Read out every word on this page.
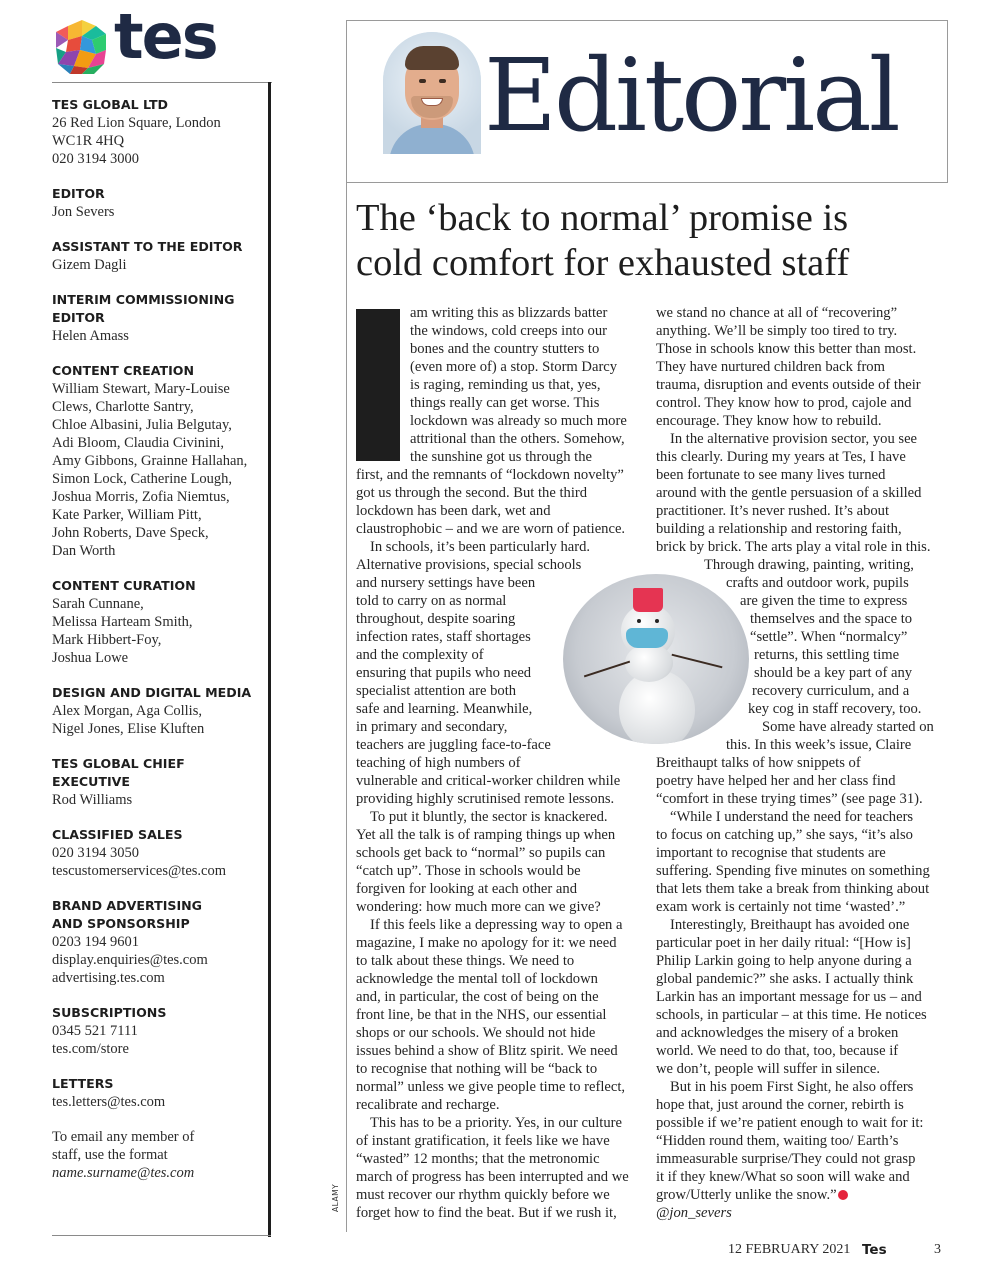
tes
TES GLOBAL LTD
26 Red Lion Square, London
WC1R 4HQ
020 3194 3000
EDITOR
Jon Severs
ASSISTANT TO THE EDITOR
Gizem Dagli
INTERIM COMMISSIONING
EDITOR
Helen Amass
CONTENT CREATION
William Stewart, Mary-Louise
Clews, Charlotte Santry,
Chloe Albasini, Julia Belgutay,
Adi Bloom, Claudia Civinini,
Amy Gibbons, Grainne Hallahan,
Simon Lock, Catherine Lough,
Joshua Morris, Zofia Niemtus,
Kate Parker, William Pitt,
John Roberts, Dave Speck,
Dan Worth
CONTENT CURATION
Sarah Cunnane,
Melissa Harteam Smith,
Mark Hibbert-Foy,
Joshua Lowe
DESIGN AND DIGITAL MEDIA
Alex Morgan, Aga Collis,
Nigel Jones, Elise Kluften
TES GLOBAL CHIEF EXECUTIVE
Rod Williams
CLASSIFIED SALES
020 3194 3050
tescustomerservices@tes.com
BRAND ADVERTISING
AND SPONSORSHIP
0203 194 9601
display.enquiries@tes.com
advertising.tes.com
SUBSCRIPTIONS
0345 521 7111
tes.com/store
LETTERS
tes.letters@tes.com
To email any member of
staff, use the format
name.surname@tes.com
Editorial
The ‘back to normal’ promise is
cold comfort for exhausted staff
am writing this as blizzards batter
the windows, cold creeps into our
bones and the country stutters to
(even more of) a stop. Storm Darcy
is raging, reminding us that, yes,
things really can get worse. This
lockdown was already so much more
attritional than the others. Somehow,
the sunshine got us through the
first, and the remnants of “lockdown novelty”
got us through the second. But the third
lockdown has been dark, wet and
claustrophobic – and we are worn of patience.
In schools, it’s been particularly hard.
Alternative provisions, special schools
and nursery settings have been
told to carry on as normal
throughout, despite soaring
infection rates, staff shortages
and the complexity of
ensuring that pupils who need
specialist attention are both
safe and learning. Meanwhile,
in primary and secondary,
teachers are juggling face-to-face
teaching of high numbers of
vulnerable and critical-worker children while
providing highly scrutinised remote lessons.
To put it bluntly, the sector is knackered.
Yet all the talk is of ramping things up when
schools get back to “normal” so pupils can
“catch up”. Those in schools would be
forgiven for looking at each other and
wondering: how much more can we give?
If this feels like a depressing way to open a
magazine, I make no apology for it: we need
to talk about these things. We need to
acknowledge the mental toll of lockdown
and, in particular, the cost of being on the
front line, be that in the NHS, our essential
shops or our schools. We should not hide
issues behind a show of Blitz spirit. We need
to recognise that nothing will be “back to
normal” unless we give people time to reflect,
recalibrate and recharge.
This has to be a priority. Yes, in our culture
of instant gratification, it feels like we have
“wasted” 12 months; that the metronomic
march of progress has been interrupted and we
must recover our rhythm quickly before we
forget how to find the beat. But if we rush it,
ALAMY
we stand no chance at all of “recovering”
anything. We’ll be simply too tired to try.
Those in schools know this better than most.
They have nurtured children back from
trauma, disruption and events outside of their
control. They know how to prod, cajole and
encourage. They know how to rebuild.
In the alternative provision sector, you see
this clearly. During my years at Tes, I have
been fortunate to see many lives turned
around with the gentle persuasion of a skilled
practitioner. It’s never rushed. It’s about
building a relationship and restoring faith,
brick by brick. The arts play a vital role in this.
Through drawing, painting, writing,
crafts and outdoor work, pupils
are given the time to express
themselves and the space to
“settle”. When “normalcy”
returns, this settling time
should be a key part of any
recovery curriculum, and a
key cog in staff recovery, too.
Some have already started on
this. In this week’s issue, Claire
Breithaupt talks of how snippets of
poetry have helped her and her class find
“comfort in these trying times” (see page 31).
“While I understand the need for teachers
to focus on catching up,” she says, “it’s also
important to recognise that students are
suffering. Spending five minutes on something
that lets them take a break from thinking about
exam work is certainly not time ‘wasted’.”
Interestingly, Breithaupt has avoided one
particular poet in her daily ritual: “[How is]
Philip Larkin going to help anyone during a
global pandemic?” she asks. I actually think
Larkin has an important message for us – and
schools, in particular – at this time. He notices
and acknowledges the misery of a broken
world. We need to do that, too, because if
we don’t, people will suffer in silence.
But in his poem First Sight, he also offers
hope that, just around the corner, rebirth is
possible if we’re patient enough to wait for it:
“Hidden round them, waiting too/ Earth’s
immeasurable surprise/They could not grasp
it if they knew/What so soon will wake and
grow/Utterly unlike the snow.”
@jon_severs
12 FEBRUARY 2021 Tes	3
